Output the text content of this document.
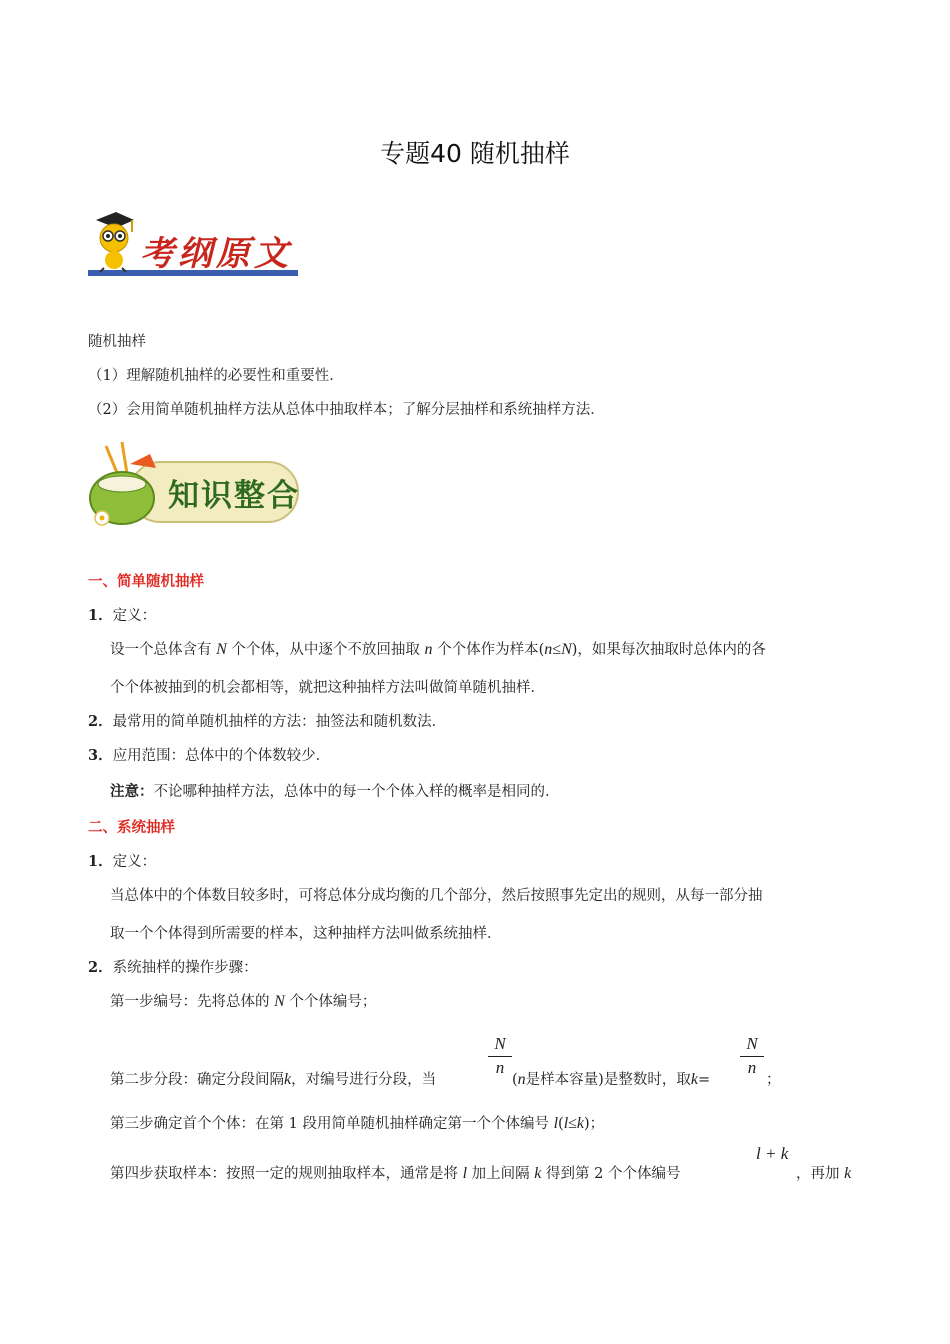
专题40 随机抽样
考纲原文
随机抽样
（1）理解随机抽样的必要性和重要性．
（2）会用简单随机抽样方法从总体中抽取样本；了解分层抽样和系统抽样方法．
知识整合
一、简单随机抽样
1．定义：
设一个总体含有 N 个个体，从中逐个不放回抽取 n 个个体作为样本(n≤N)，如果每次抽取时总体内的各
个个体被抽到的机会都相等，就把这种抽样方法叫做简单随机抽样．
2．最常用的简单随机抽样的方法：抽签法和随机数法．
3．应用范围：总体中的个体数较少．
注意：不论哪种抽样方法，总体中的每一个个体入样的概率是相同的．
二、系统抽样
1．定义：
当总体中的个体数目较多时，可将总体分成均衡的几个部分，然后按照事先定出的规则，从每一部分抽
取一个个体得到所需要的样本，这种抽样方法叫做系统抽样．
2．系统抽样的操作步骤：
第一步编号：先将总体的 N 个个体编号；
第二步分段：确定分段间隔k，对编号进行分段，当
$\frac{N}{n}$
(n是样本容量)是整数时，取k=
$\frac{N}{n}$
；
第三步确定首个个体：在第 1 段用简单随机抽样确定第一个个体编号 l(l≤k)；
第四步获取样本：按照一定的规则抽取样本，通常是将 l 加上间隔 k 得到第 2 个个体编号
l + k
，再加 k
